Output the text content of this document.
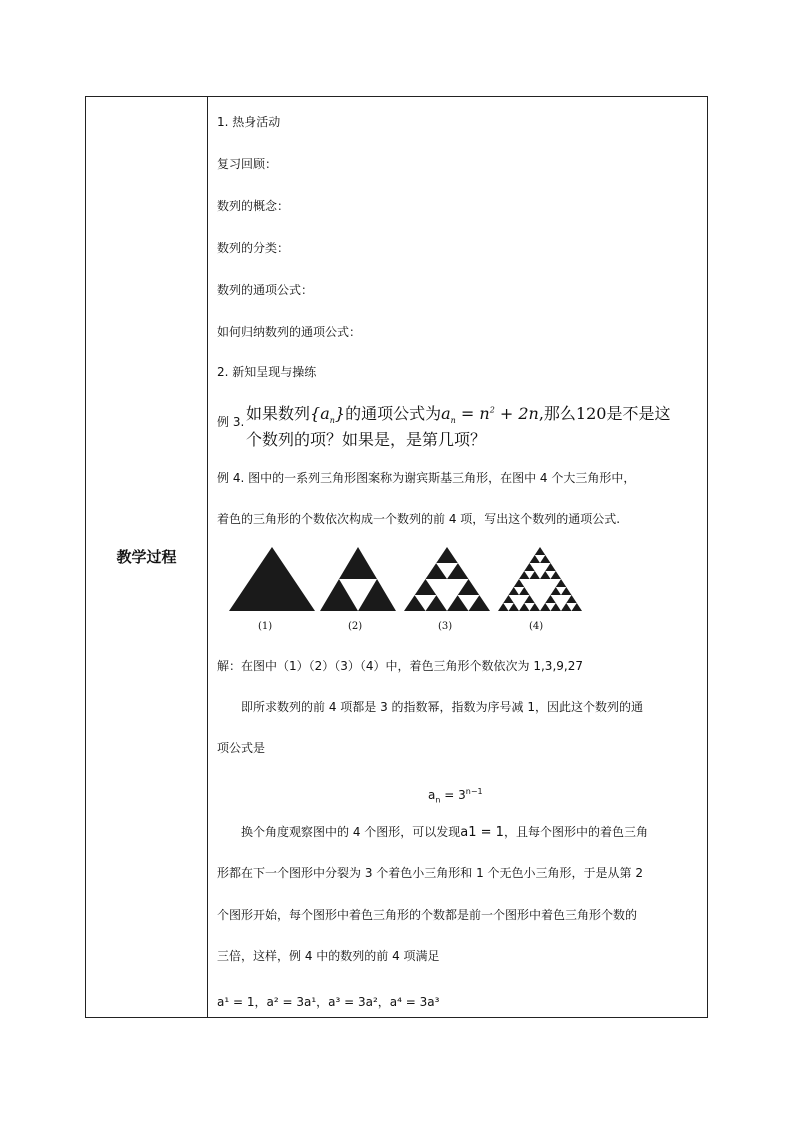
教学过程
1. 热身活动
复习回顾：
数列的概念：
数列的分类：
数列的通项公式：
如何归纳数列的通项公式：
2. 新知呈现与操练
例 3. 如果数列$\{a_n\}$的通项公式为$a_n = n^2 + 2n$,那么120是不是这
个数列的项？如果是，是第几项？
例 4. 图中的一系列三角形图案称为谢宾斯基三角形，在图中 4 个大三角形中，
着色的三角形的个数依次构成一个数列的前 4 项，写出这个数列的通项公式.
(1)	(2)	(3)	(4)
解：在图中（1）（2）（3）（4）中，着色三角形个数依次为 1,3,9,27
即所求数列的前 4 项都是 3 的指数幂，指数为序号减 1，因此这个数列的通
项公式是
$a_n = 3^{n-1}$
换个角度观察图中的 4 个图形，可以发现a1 = 1，且每个图形中的着色三角
形都在下一个图形中分裂为 3 个着色小三角形和 1 个无色小三角形，于是从第 2
个图形开始，每个图形中着色三角形的个数都是前一个图形中着色三角形个数的
三倍，这样，例 4 中的数列的前 4 项满足
a¹ = 1，a² = 3a¹，a³ = 3a²，a⁴ = 3a³
